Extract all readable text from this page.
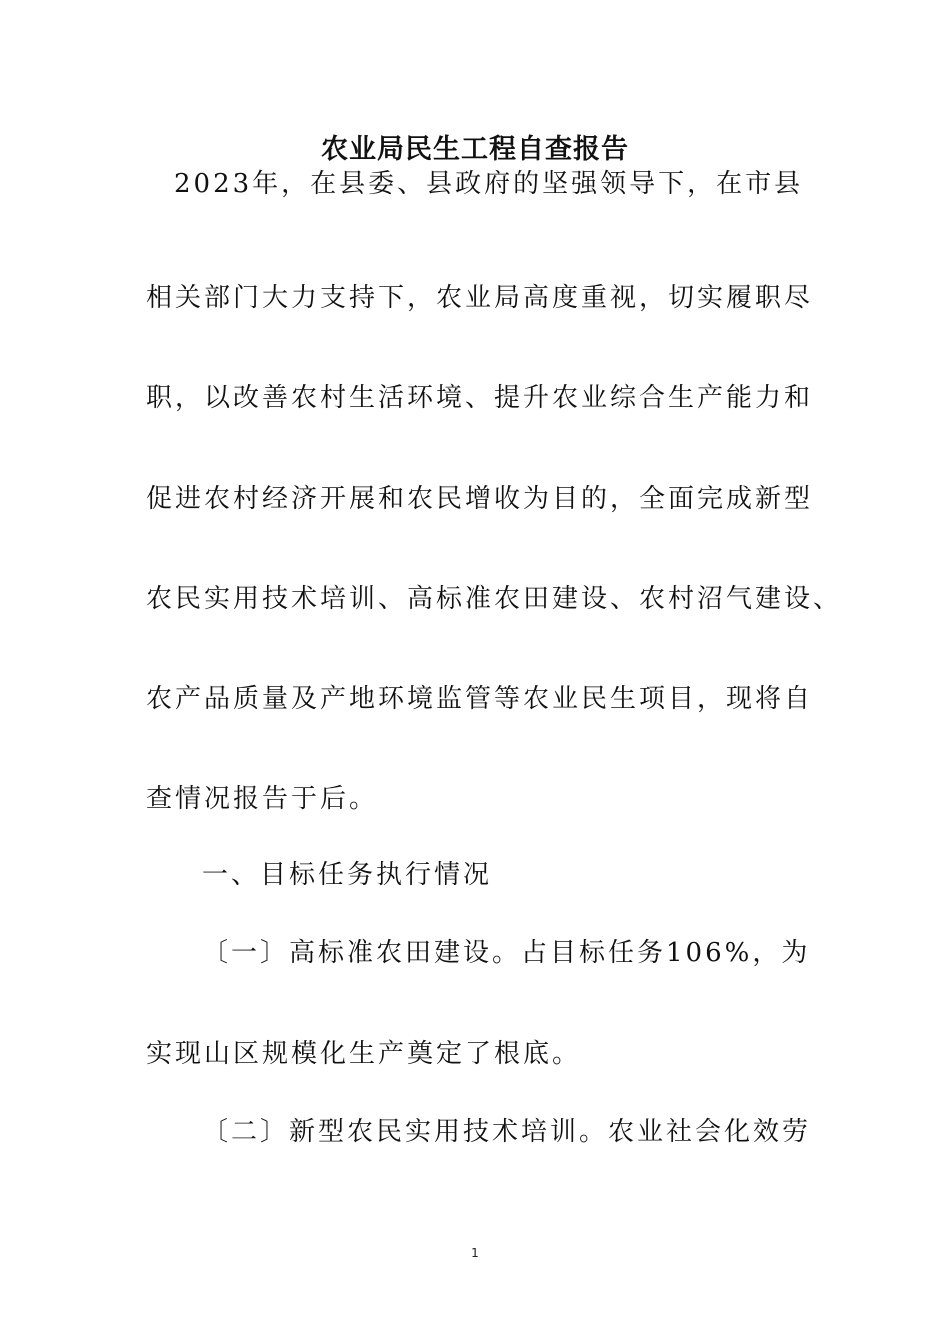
农业局民生工程自查报告
2023年，在县委、县政府的坚强领导下，在市县
相关部门大力支持下，农业局高度重视，切实履职尽
职，以改善农村生活环境、提升农业综合生产能力和
促进农村经济开展和农民增收为目的，全面完成新型
农民实用技术培训、高标准农田建设、农村沼气建设、
农产品质量及产地环境监管等农业民生项目，现将自
查情况报告于后。
一、目标任务执行情况
〔一〕高标准农田建设。占目标任务106%，为
实现山区规模化生产奠定了根底。
〔二〕新型农民实用技术培训。农业社会化效劳
1
